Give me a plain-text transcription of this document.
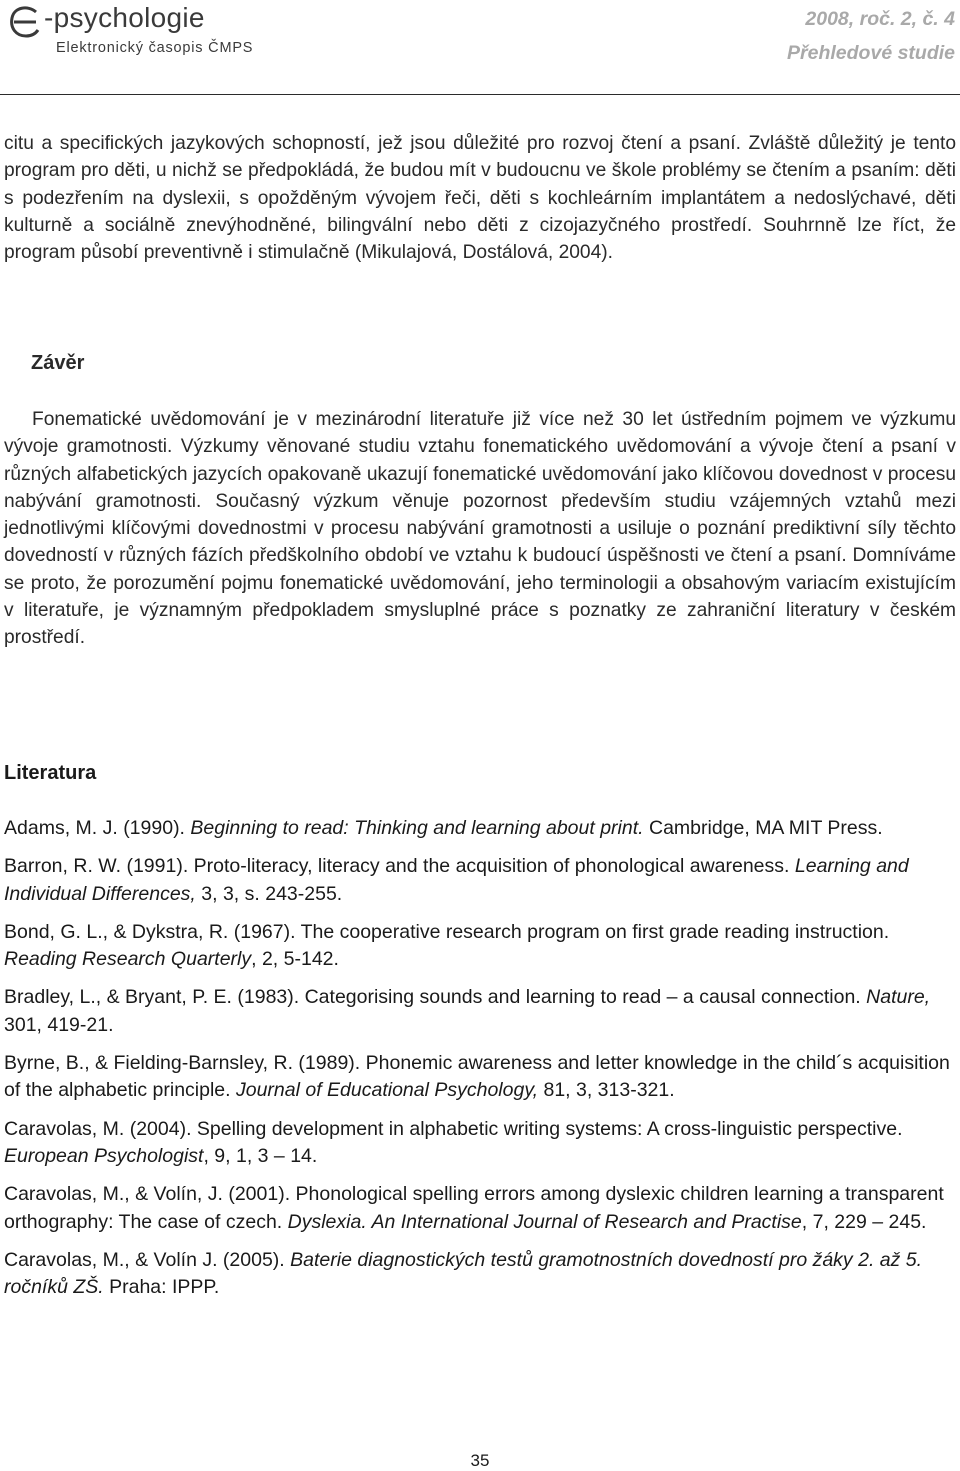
-psychologie
Elektronický časopis ČMPS
2008, roč. 2, č. 4
Přehledové studie

citu a specifických jazykových schopností, jež jsou důležité pro rozvoj čtení a psaní. Zvláště důležitý je tento program pro děti, u nichž se předpokládá, že budou mít v budoucnu ve škole problémy se čtením a psaním: děti s podezřením na dyslexii, s opožděným vývojem řeči, děti s kochleárním implantátem a nedoslýchavé, děti kulturně a sociálně znevýhodněné, bilingvální nebo děti z cizojazyčného prostředí. Souhrnně lze říct, že program působí preventivně i stimulačně (Mikulajová, Dostálová, 2004).

Závěr

Fonematické uvědomování je v mezinárodní literatuře již více než 30 let ústředním pojmem ve výzkumu vývoje gramotnosti. Výzkumy věnované studiu vztahu fonematického uvědomování a vývoje čtení a psaní v různých alfabetických jazycích opakovaně ukazují fonematické uvědomování jako klíčovou dovednost v procesu nabývání gramotnosti. Současný výzkum věnuje pozornost především studiu vzájemných vztahů mezi jednotlivými klíčovými dovednostmi v procesu nabývání gramotnosti a usiluje o poznání prediktivní síly těchto dovedností v různých fázích předškolního období ve vztahu k budoucí úspěšnosti ve čtení a psaní. Domníváme se proto, že porozumění pojmu fonematické uvědomování, jeho terminologii a obsahovým variacím existujícím v literatuře, je významným předpokladem smysluplné práce s poznatky ze zahraniční literatury v českém prostředí.

Literatura

Adams, M. J. (1990). Beginning to read: Thinking and learning about print. Cambridge, MA MIT Press.

Barron, R. W. (1991). Proto-literacy, literacy and the acquisition of phonological awareness. Learning and Individual Differences, 3, 3, s. 243-255.

Bond, G. L., & Dykstra, R. (1967). The cooperative research program on first grade reading instruction. Reading Research Quarterly, 2, 5-142.

Bradley, L., & Bryant, P. E. (1983). Categorising sounds and learning to read – a causal connection. Nature, 301, 419-21.

Byrne, B., & Fielding-Barnsley, R. (1989). Phonemic awareness and letter knowledge in the child´s acquisition of the alphabetic principle. Journal of Educational Psychology, 81, 3, 313-321.

Caravolas, M. (2004). Spelling development in alphabetic writing systems: A cross-linguistic perspective. European Psychologist, 9, 1, 3 – 14.

Caravolas, M., & Volín, J. (2001). Phonological spelling errors among dyslexic children learning a transparent orthography: The case of czech. Dyslexia. An International Journal of Research and Practise, 7, 229 – 245.

Caravolas, M., & Volín J. (2005). Baterie diagnostických testů gramotnostních dovedností pro žáky 2. až 5. ročníků ZŠ. Praha: IPPP.

35
